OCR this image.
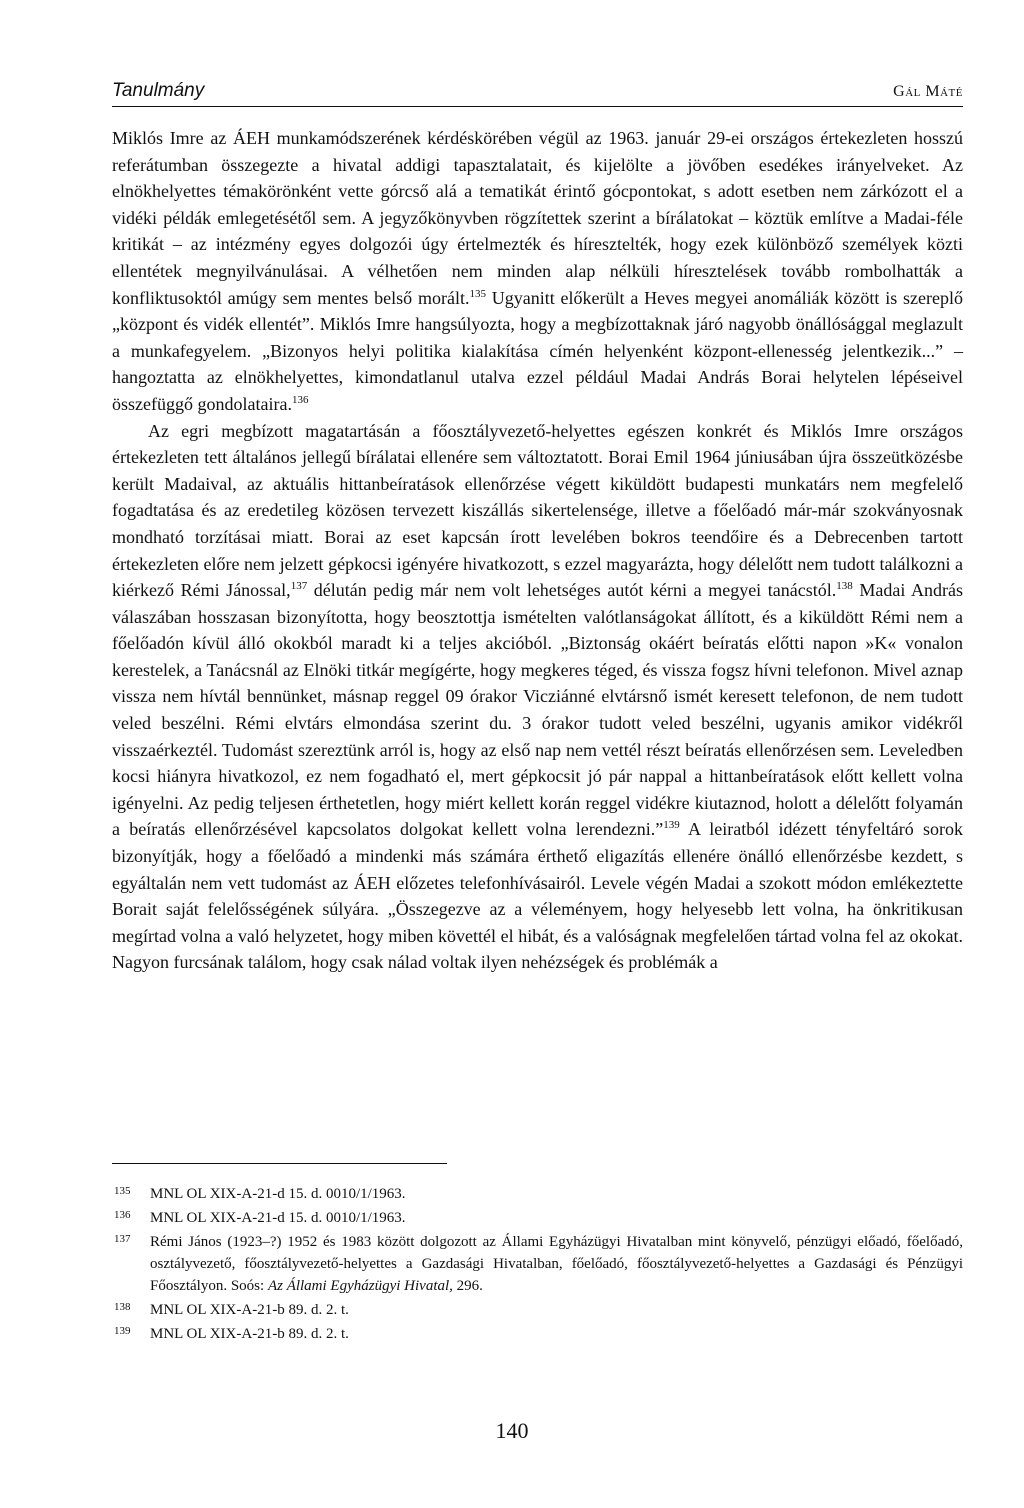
Tanulmány	Gál Máté

Miklós Imre az ÁEH munkamódszerének kérdéskörében végül az 1963. január 29-ei országos értekezleten hosszú referátumban összegezte a hivatal addigi tapasztalatait, és kijelölte a jövőben esedékes irányelveket. Az elnökhelyettes témakörönként vette górcső alá a tematikát érintő gócpontokat, s adott esetben nem zárkózott el a vidéki példák emlegetésétől sem. A jegyzőkönyvben rögzítettek szerint a bírálatokat – köztük említve a Madai-féle kritikát – az intézmény egyes dolgozói úgy értelmezték és híresztelték, hogy ezek különböző személyek közti ellentétek megnyilvánulásai. A vélhetően nem minden alap nélküli híresztelések tovább rombolhatták a konfliktusoktól amúgy sem mentes belső morált.$^{135}$ Ugyanitt előkerült a Heves megyei anomáliák között is szereplő „központ és vidék ellentét”. Miklós Imre hangsúlyozta, hogy a megbízottaknak járó nagyobb önállósággal meglazult a munkafegyelem. „Bizonyos helyi politika kialakítása címén helyenként központ-ellenesség jelentkezik...” – hangoztatta az elnökhelyettes, kimondatlanul utalva ezzel például Madai András Borai helytelen lépéseivel összefüggő gondolataira.$^{136}$

Az egri megbízott magatartásán a főosztályvezető-helyettes egészen konkrét és Miklós Imre országos értekezleten tett általános jellegű bírálatai ellenére sem változtatott. Borai Emil 1964 júniusában újra összeütközésbe került Madaival, az aktuális hittanbeíratások ellenőrzése végett kiküldött budapesti munkatárs nem megfelelő fogadtatása és az eredetileg közösen tervezett kiszállás sikertelensége, illetve a főelőadó már-már szokványosnak mondható torzításai miatt. Borai az eset kapcsán írott levelében bokros teendőire és a Debrecenben tartott értekezleten előre nem jelzett gépkocsi igényére hivatkozott, s ezzel magyarázta, hogy délelőtt nem tudott találkozni a kiérkező Rémi Jánossal,$^{137}$ délután pedig már nem volt lehetséges autót kérni a megyei tanácstól.$^{138}$ Madai András válaszában hosszasan bizonyította, hogy beosztottja ismételten valótlanságokat állított, és a kiküldött Rémi nem a főelőadón kívül álló okokból maradt ki a teljes akcióból. „Biztonság okáért beíratás előtti napon »K« vonalon kerestelek, a Tanácsnál az Elnöki titkár megígérte, hogy megkeres téged, és vissza fogsz hívni telefonon. Mivel aznap vissza nem hívtál bennünket, másnap reggel 09 órakor Vicziánné elvtársnő ismét keresett telefonon, de nem tudott veled beszélni. Rémi elvtárs elmondása szerint du. 3 órakor tudott veled beszélni, ugyanis amikor vidékről visszaérkeztél. Tudomást szereztünk arról is, hogy az első nap nem vettél részt beíratás ellenőrzésen sem. Leveledben kocsi hiányra hivatkozol, ez nem fogadható el, mert gépkocsit jó pár nappal a hittanbeíratások előtt kellett volna igényelni. Az pedig teljesen érthetetlen, hogy miért kellett korán reggel vidékre kiutaznod, holott a délelőtt folyamán a beíratás ellenőrzésével kapcsolatos dolgokat kellett volna lerendezni.”$^{139}$ A leiratból idézett tényfeltáró sorok bizonyítják, hogy a főelőadó a mindenki más számára érthető eligazítás ellenére önálló ellenőrzésbe kezdett, s egyáltalán nem vett tudomást az ÁEH előzetes telefonhívásairól. Levele végén Madai a szokott módon emlékeztette Borait saját felelősségének súlyára. „Összegezve az a véleményem, hogy helyesebb lett volna, ha önkritikusan megírtad volna a való helyzetet, hogy miben követtél el hibát, és a valóságnak megfelelően tártad volna fel az okokat. Nagyon furcsának találom, hogy csak nálad voltak ilyen nehézségek és problémák a

135	MNL OL XIX-A-21-d 15. d. 0010/1/1963.
136	MNL OL XIX-A-21-d 15. d. 0010/1/1963.
137	Rémi János (1923–?) 1952 és 1983 között dolgozott az Állami Egyházügyi Hivatalban mint könyvelő, pénzügyi előadó, főelőadó, osztályvezető, főosztályvezető-helyettes a Gazdasági Hivatalban, főelőadó, főosztályvezető-helyettes a Gazdasági és Pénzügyi Főosztályon. Soós: Az Állami Egyházügyi Hivatal, 296.
138	MNL OL XIX-A-21-b 89. d. 2. t.
139	MNL OL XIX-A-21-b 89. d. 2. t.
140
